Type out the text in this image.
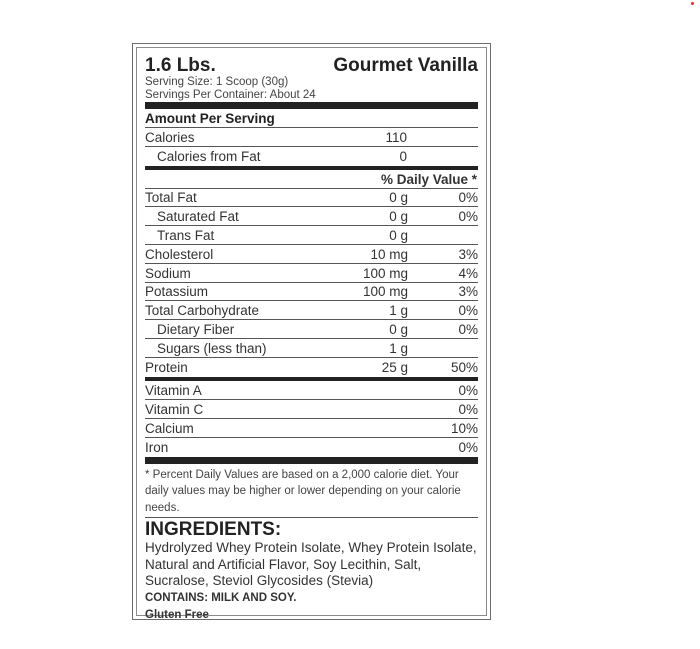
1.6 Lbs.	Gourmet Vanilla
Serving Size: 1 Scoop (30g)
Servings Per Container: About 24
Amount Per Serving
Calories	110
Calories from Fat	0
% Daily Value *
Total Fat	0 g	0%
Saturated Fat	0 g	0%
Trans Fat	0 g
Cholesterol	10 mg	3%
Sodium	100 mg	4%
Potassium	100 mg	3%
Total Carbohydrate	1 g	0%
Dietary Fiber	0 g	0%
Sugars (less than)	1 g
Protein	25 g	50%
Vitamin A	0%
Vitamin C	0%
Calcium	10%
Iron	0%
* Percent Daily Values are based on a 2,000 calorie diet. Your daily values may be higher or lower depending on your calorie needs.
INGREDIENTS:
Hydrolyzed Whey Protein Isolate, Whey Protein Isolate, Natural and Artificial Flavor, Soy Lecithin, Salt, Sucralose, Steviol Glycosides (Stevia)
CONTAINS: MILK AND SOY.
Gluten Free
